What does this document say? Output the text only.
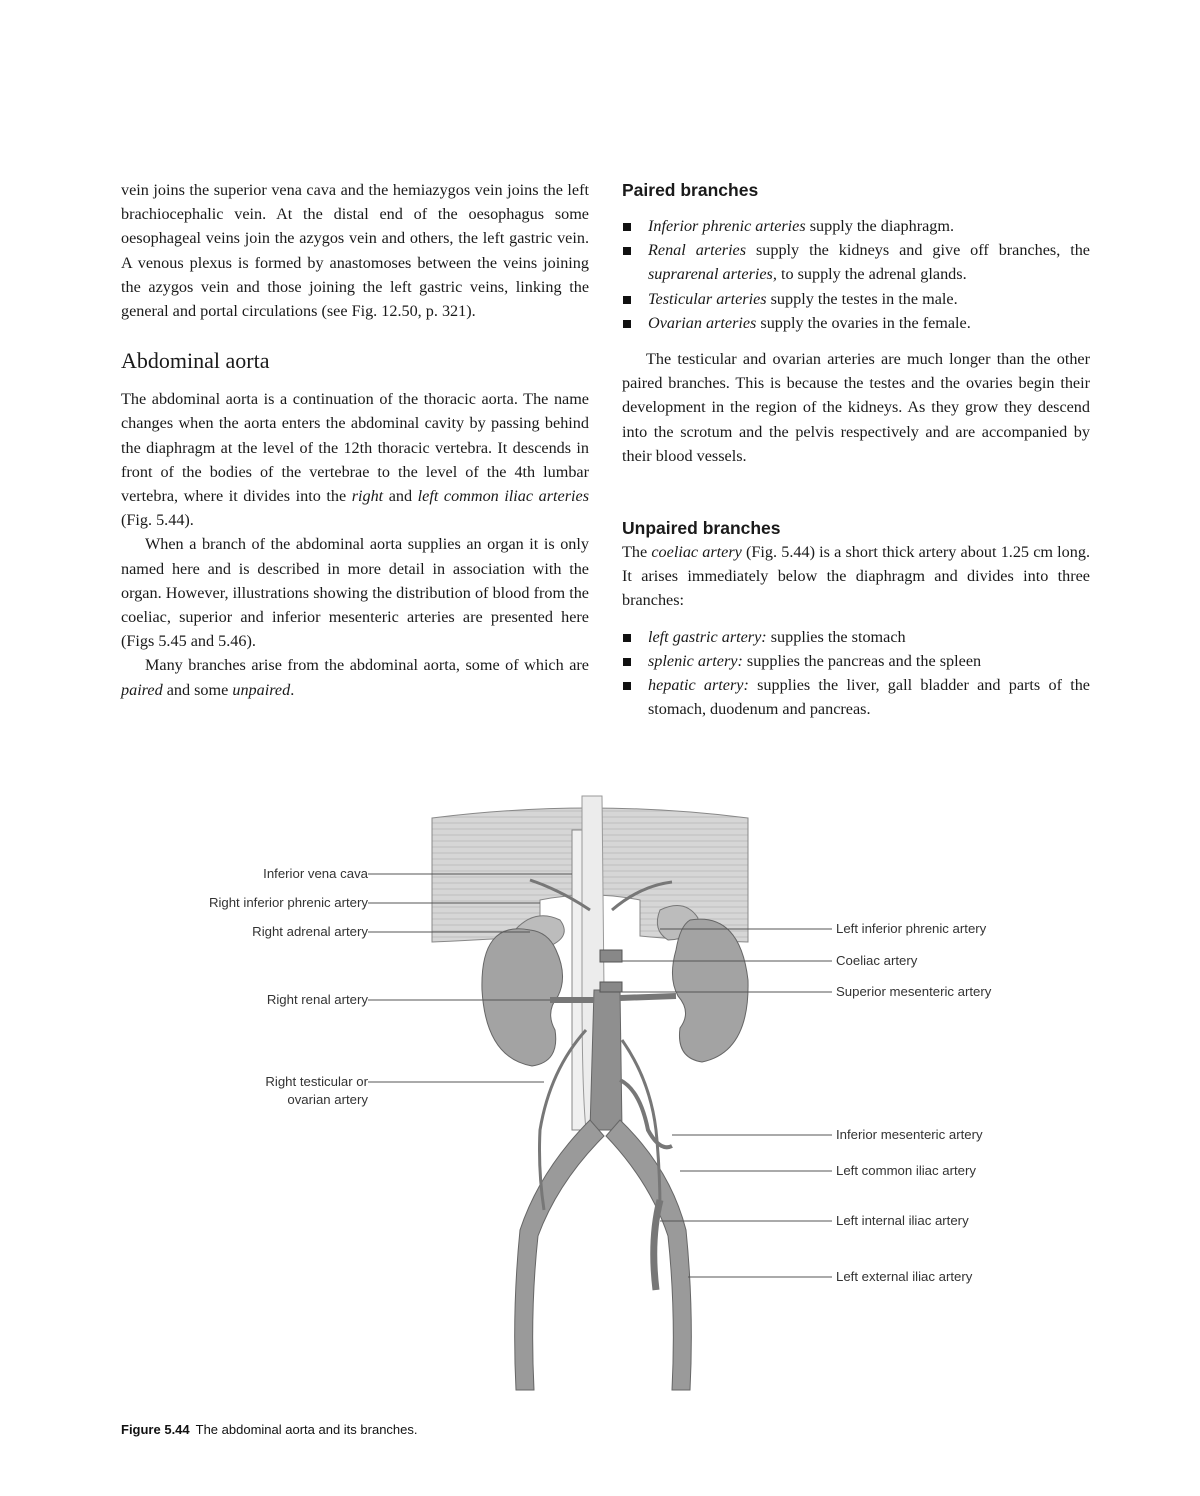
vein joins the superior vena cava and the hemiazygos vein joins the left brachiocephalic vein. At the distal end of the oesophagus some oesophageal veins join the azygos vein and others, the left gastric vein. A venous plexus is formed by anastomoses between the veins joining the azygos vein and those joining the left gastric veins, linking the general and portal circulations (see Fig. 12.50, p. 321).

Abdominal aorta

The abdominal aorta is a continuation of the thoracic aorta. The name changes when the aorta enters the abdominal cavity by passing behind the diaphragm at the level of the 12th thoracic vertebra. It descends in front of the bodies of the vertebrae to the level of the 4th lumbar vertebra, where it divides into the right and left common iliac arteries (Fig. 5.44).

When a branch of the abdominal aorta supplies an organ it is only named here and is described in more detail in association with the organ. However, illustrations showing the distribution of blood from the coeliac, superior and inferior mesenteric arteries are presented here (Figs 5.45 and 5.46).

Many branches arise from the abdominal aorta, some of which are paired and some unpaired.

Paired branches
Inferior phrenic arteries supply the diaphragm.
Renal arteries supply the kidneys and give off branches, the suprarenal arteries, to supply the adrenal glands.
Testicular arteries supply the testes in the male.
Ovarian arteries supply the ovaries in the female.

The testicular and ovarian arteries are much longer than the other paired branches. This is because the testes and the ovaries begin their development in the region of the kidneys. As they grow they descend into the scrotum and the pelvis respectively and are accompanied by their blood vessels.

Unpaired branches

The coeliac artery (Fig. 5.44) is a short thick artery about 1.25 cm long. It arises immediately below the diaphragm and divides into three branches:

left gastric artery: supplies the stomach
splenic artery: supplies the pancreas and the spleen
hepatic artery: supplies the liver, gall bladder and parts of the stomach, duodenum and pancreas.
Inferior vena cava
Right inferior phrenic artery
Right adrenal artery
Right renal artery
Right testicular or
ovarian artery
Left inferior phrenic artery
Coeliac artery
Superior mesenteric artery
Inferior mesenteric artery
Left common iliac artery
Left internal iliac artery
Left external iliac artery
Figure 5.44 The abdominal aorta and its branches.
